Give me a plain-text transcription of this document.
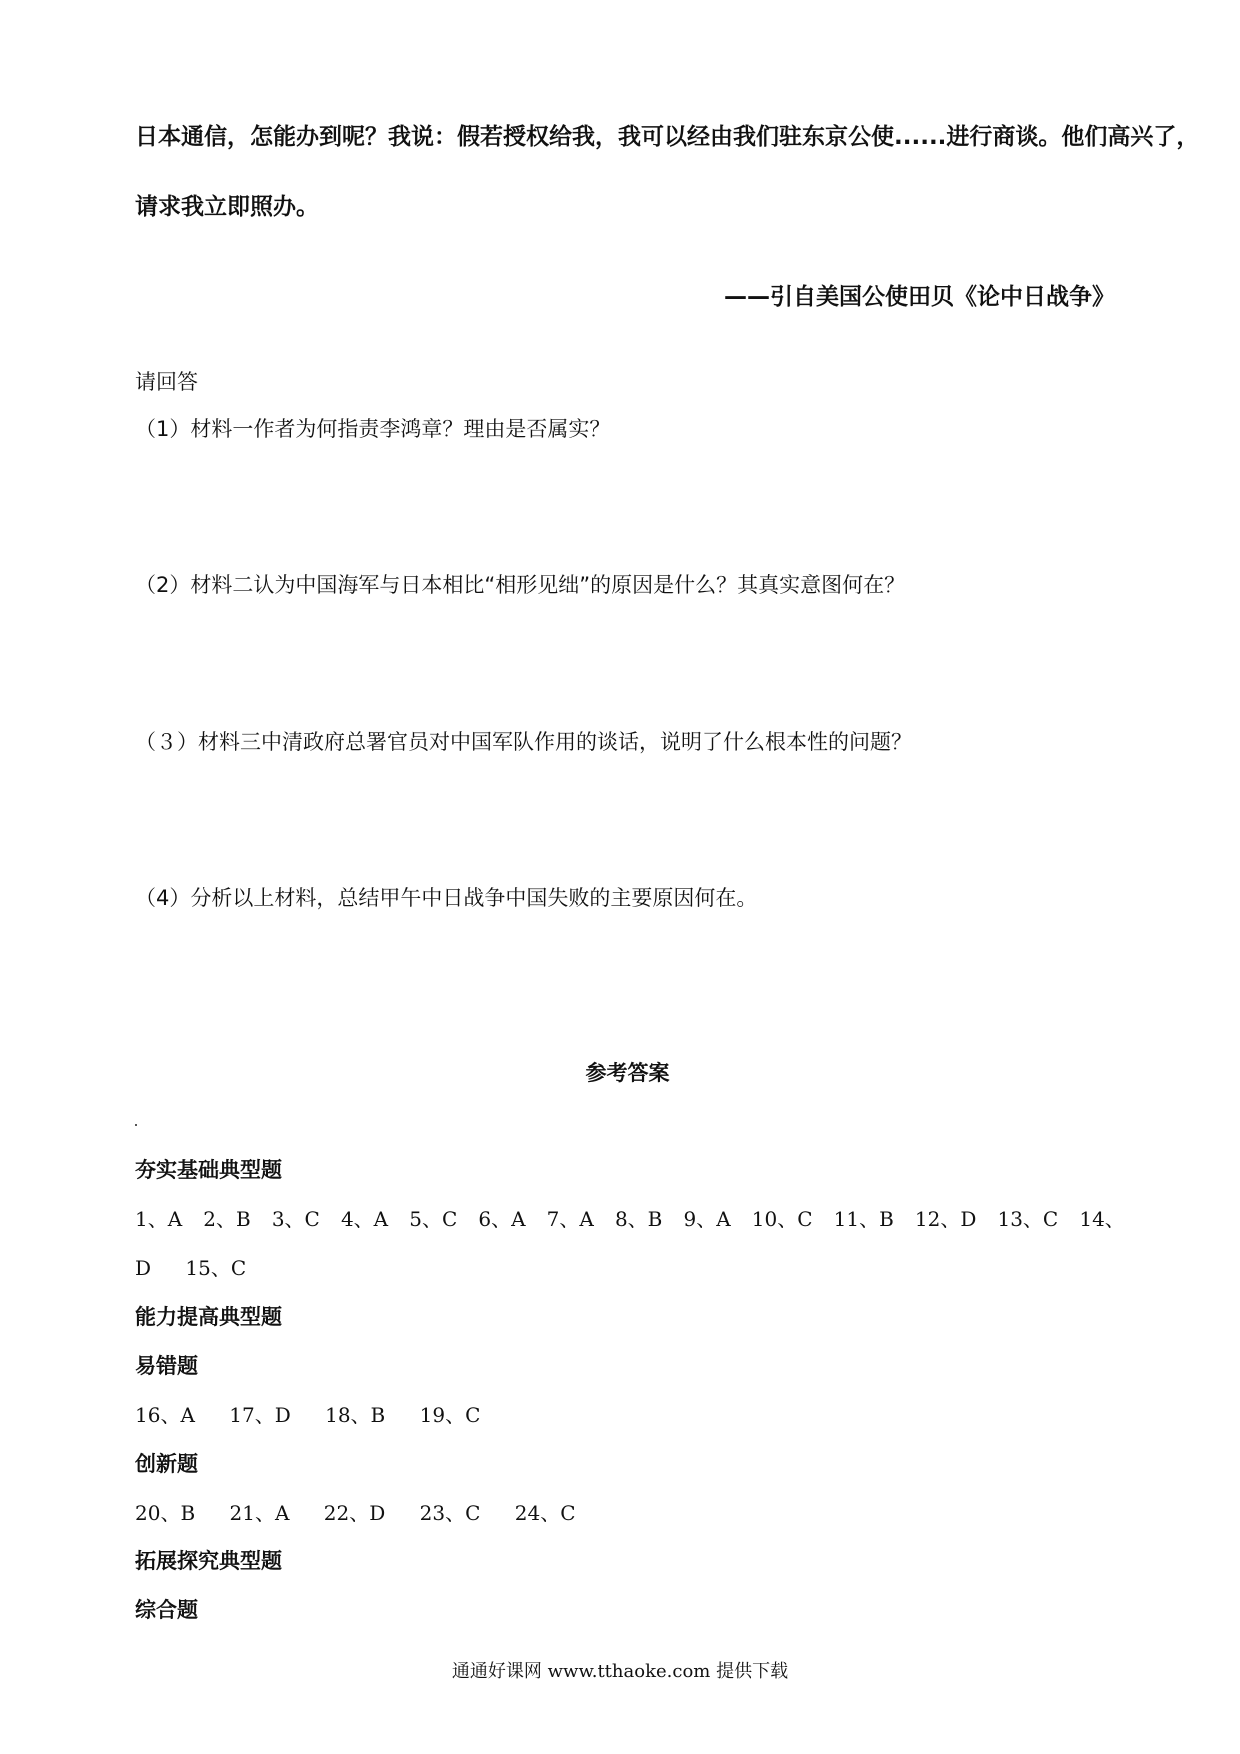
日本通信，怎能办到呢？我说：假若授权给我，我可以经由我们驻东京公使......进行商谈。他们高兴了，
请求我立即照办。
——引自美国公使田贝《论中日战争》
请回答
（1）材料一作者为何指责李鸿章？理由是否属实？
（2）材料二认为中国海军与日本相比“相形见绌”的原因是什么？其真实意图何在？
（３）材料三中清政府总署官员对中国军队作用的谈话，说明了什么根本性的问题？
（4）分析以上材料，总结甲午中日战争中国失败的主要原因何在。
参考答案
夯实基础典型题
1、A 2、B 3、C 4、A 5、C 6、A 7、A 8、B 9、A 10、C 11、B 12、D 13、C 14、
D 15、C
能力提高典型题
易错题
16、A 17、D 18、B 19、C
创新题
20、B 21、A 22、D 23、C 24、C
拓展探究典型题
综合题
通通好课网 www.tthaoke.com 提供下载
